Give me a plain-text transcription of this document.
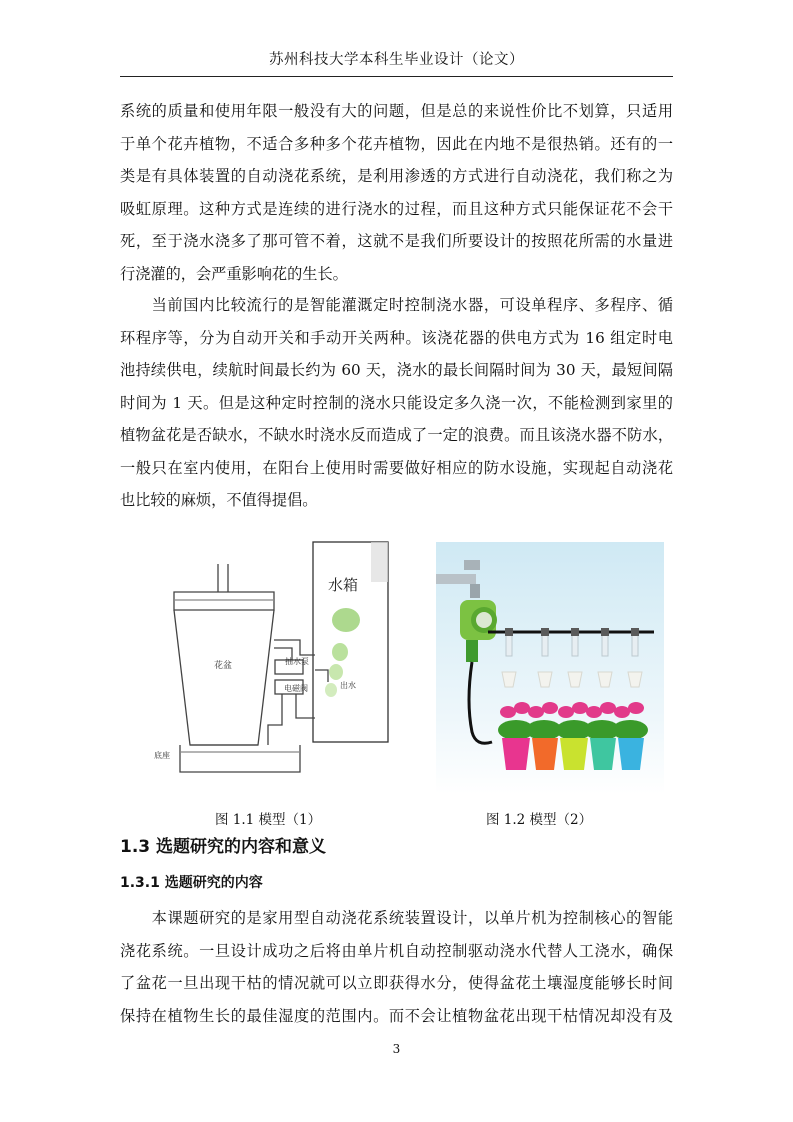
苏州科技大学本科生毕业设计（论文）
系统的质量和使用年限一般没有大的问题，但是总的来说性价比不划算，只适用
于单个花卉植物，不适合多种多个花卉植物，因此在内地不是很热销。还有的一
类是有具体装置的自动浇花系统，是利用渗透的方式进行自动浇花，我们称之为
吸虹原理。这种方式是连续的进行浇水的过程，而且这种方式只能保证花不会干
死，至于浇水浇多了那可管不着，这就不是我们所要设计的按照花所需的水量进
行浇灌的，会严重影响花的生长。
　　当前国内比较流行的是智能灌溉定时控制浇水器，可设单程序、多程序、循
环程序等，分为自动开关和手动开关两种。该浇花器的供电方式为 16 组定时电
池持续供电，续航时间最长约为 60 天，浇水的最长间隔时间为 30 天，最短间隔
时间为 1 天。但是这种定时控制的浇水只能设定多久浇一次，不能检测到家里的
植物盆花是否缺水，不缺水时浇水反而造成了一定的浪费。而且该浇水器不防水，
一般只在室内使用，在阳台上使用时需要做好相应的防水设施，实现起自动浇花
也比较的麻烦，不值得提倡。
水箱
花盆	抽水泵
电磁阀	出水
底座
图 1.1 模型（1）	图 1.2 模型（2）
1.3 选题研究的内容和意义
1.3.1 选题研究的内容
　　本课题研究的是家用型自动浇花系统装置设计，以单片机为控制核心的智能
浇花系统。一旦设计成功之后将由单片机自动控制驱动浇水代替人工浇水，确保
了盆花一旦出现干枯的情况就可以立即获得水分，使得盆花土壤湿度能够长时间
保持在植物生长的最佳湿度的范围内。而不会让植物盆花出现干枯情况却没有及
3
